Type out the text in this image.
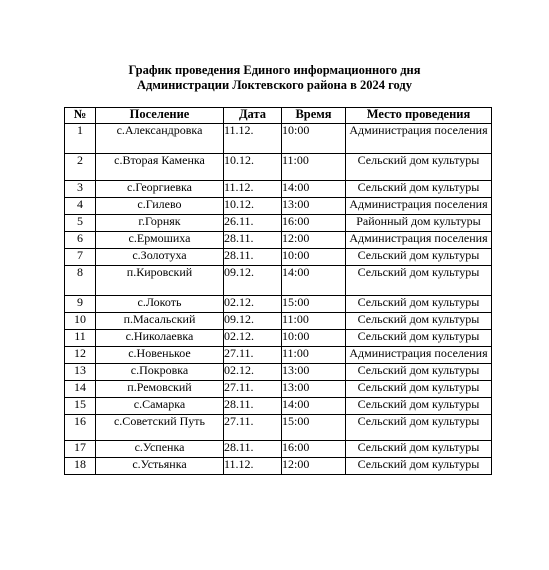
График проведения Единого информационного дня
Администрации Локтевского района в 2024 году
№	Поселение	Дата	Время	Место проведения
1	с.Александровка	11.12.	10:00	Администрация поселения
2	с.Вторая Каменка	10.12.	11:00	Сельский дом культуры
3	с.Георгиевка	11.12.	14:00	Сельский дом культуры
4	с.Гилево	10.12.	13:00	Администрация поселения
5	г.Горняк	26.11.	16:00	Районный дом культуры
6	с.Ермошиха	28.11.	12:00	Администрация поселения
7	с.Золотуха	28.11.	10:00	Сельский дом культуры
8	п.Кировский	09.12.	14:00	Сельский дом культуры
9	с.Локоть	02.12.	15:00	Сельский дом культуры
10	п.Масальский	09.12.	11:00	Сельский дом культуры
11	с.Николаевка	02.12.	10:00	Сельский дом культуры
12	с.Новенькое	27.11.	11:00	Администрация поселения
13	с.Покровка	02.12.	13:00	Сельский дом культуры
14	п.Ремовский	27.11.	13:00	Сельский дом культуры
15	с.Самарка	28.11.	14:00	Сельский дом культуры
16	с.Советский Путь	27.11.	15:00	Сельский дом культуры
17	с.Успенка	28.11.	16:00	Сельский дом культуры
18	с.Устьянка	11.12.	12:00	Сельский дом культуры
